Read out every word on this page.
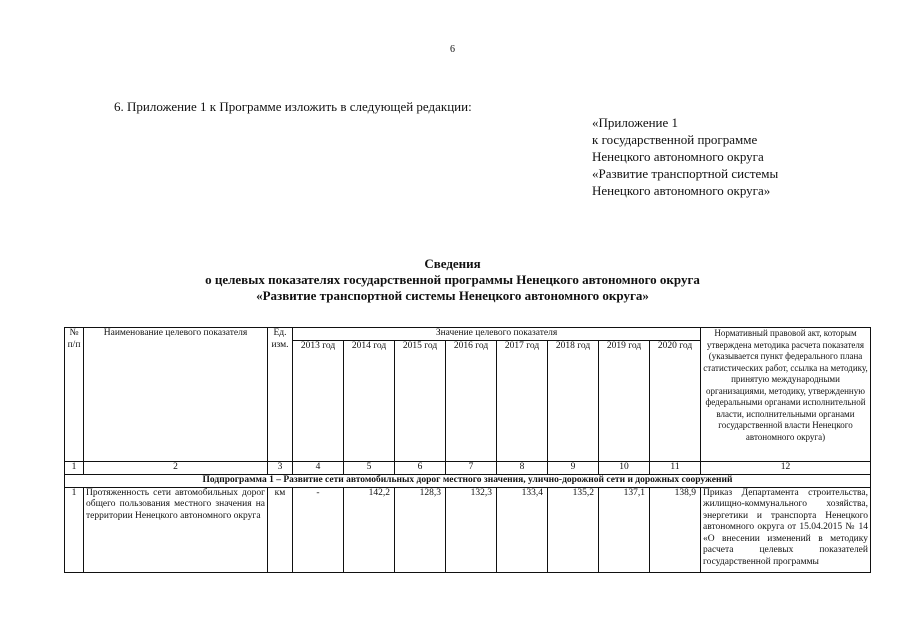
6
6. Приложение 1 к Программе изложить в следующей редакции:
«Приложение 1
к государственной программе
Ненецкого автономного округа
«Развитие транспортной системы
Ненецкого автономного округа»
Сведения
о целевых показателях государственной программы Ненецкого автономного округа
«Развитие транспортной системы Ненецкого автономного округа»
№ п/п	Наименование целевого показателя	Ед. изм.	Значение целевого показателя								Нормативный правовой акт, которым утверждена методика расчета показателя (указывается пункт федерального плана статистических работ, ссылка на методику, принятую международными организациями, методику, утвержденную федеральными органами исполнительной власти, исполнительными органами государственной власти Ненецкого автономного округа)
			2013 год	2014 год	2015 год	2016 год	2017 год	2018 год	2019 год	2020 год	
1	2	3	4	5	6	7	8	9	10	11	12
Подпрограмма 1 – Развитие сети автомобильных дорог местного значения, улично-дорожной сети и дорожных сооружений											
1	Протяженность сети автомобильных дорог общего пользования местного значения на территории Ненецкого автономного округа	км	-	142,2	128,3	132,3	133,4	135,2	137,1	138,9	Приказ Департамента строительства, жилищно-коммунального хозяйства, энергетики и транспорта Ненецкого автономного округа от 15.04.2015 № 14 «О внесении изменений в методику расчета целевых показателей государственной программы
